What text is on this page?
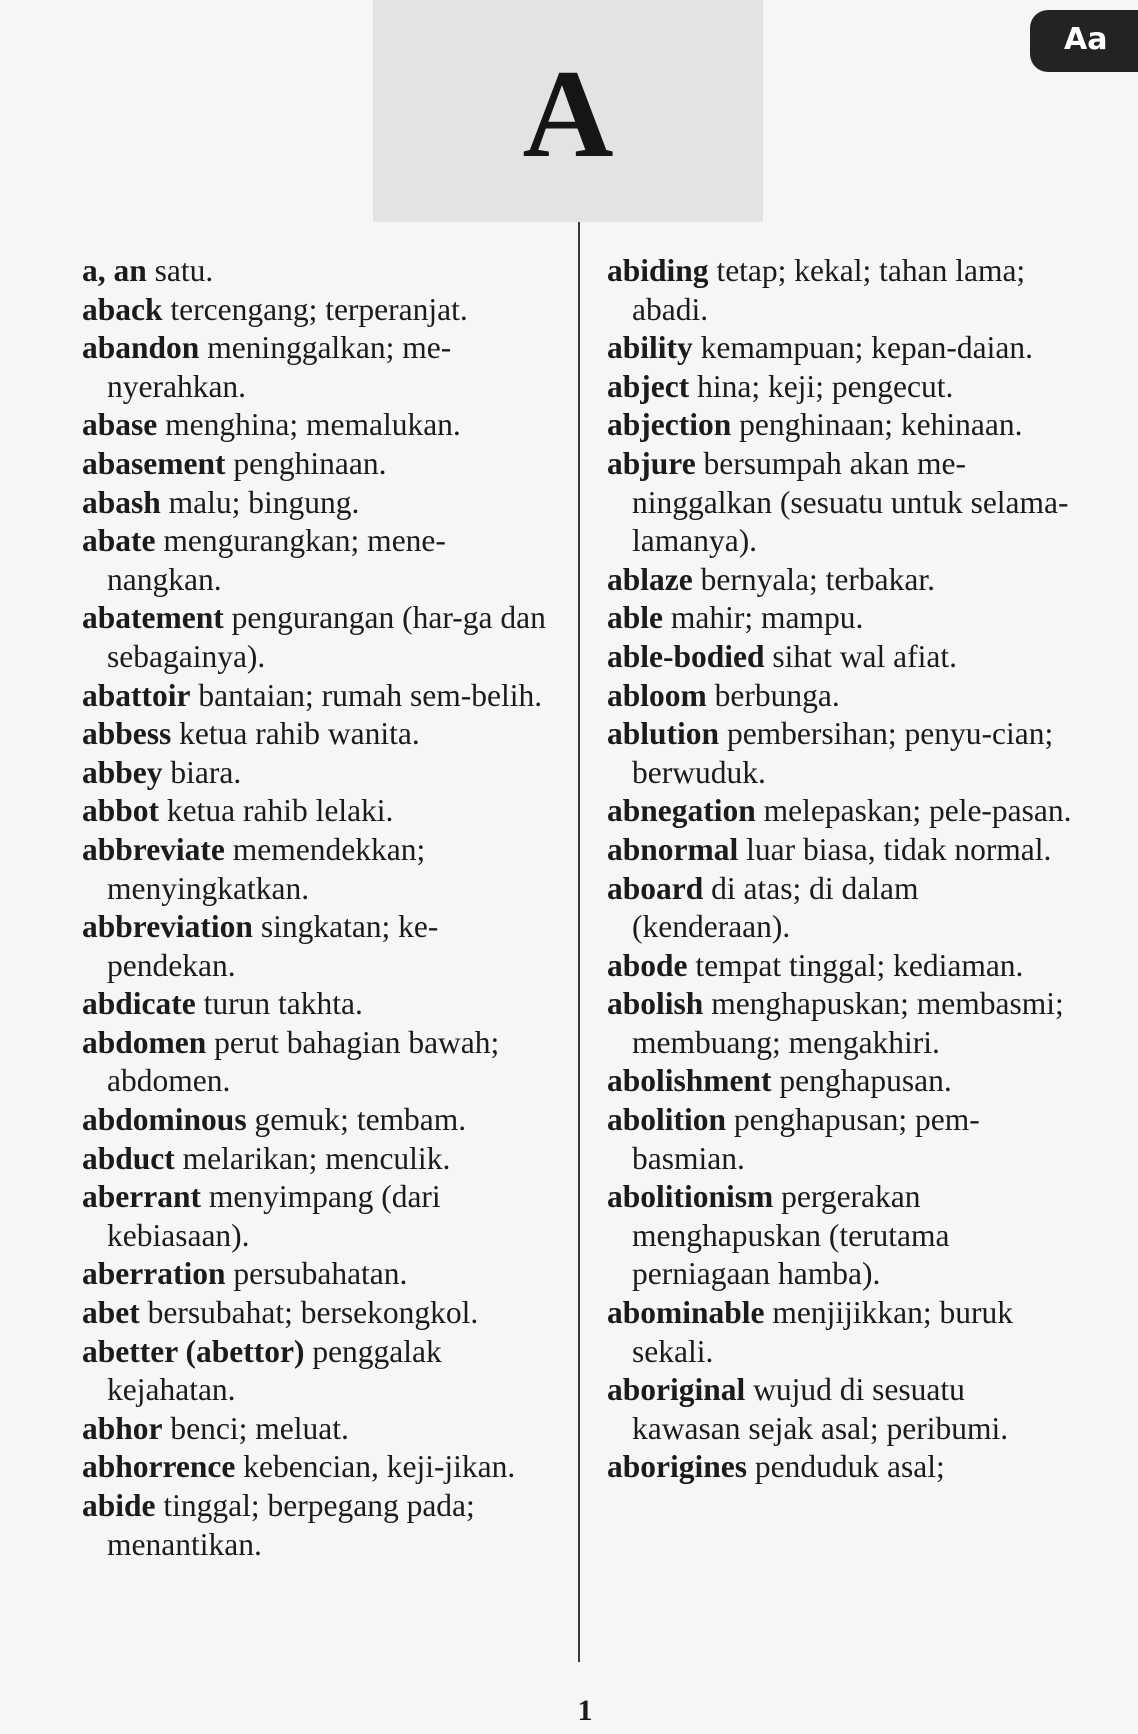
A
Aa

a, an satu.

aback tercengang; terperanjat.

abandon meninggalkan; me-nyerahkan.

abase menghina; memalukan.

abasement penghinaan.

abash malu; bingung.

abate mengurangkan; mene-nangkan.

abatement pengurangan (har-ga dan sebagainya).

abattoir bantaian; rumah sem-belih.

abbess ketua rahib wanita.

abbey biara.

abbot ketua rahib lelaki.

abbreviate memendekkan; menyingkatkan.

abbreviation singkatan; ke-pendekan.

abdicate turun takhta.

abdomen perut bahagian bawah; abdomen.

abdominous gemuk; tembam.

abduct melarikan; menculik.

aberrant menyimpang (dari kebiasaan).

aberration persubahatan.

abet bersubahat; bersekongkol.

abetter (abettor) penggalak kejahatan.

abhor benci; meluat.

abhorrence kebencian, keji-jikan.

abide tinggal; berpegang pada; menantikan.

abiding tetap; kekal; tahan lama; abadi.

ability kemampuan; kepan-daian.

abject hina; keji; pengecut.

abjection penghinaan; kehinaan.

abjure bersumpah akan me-ninggalkan (sesuatu untuk selama-lamanya).

ablaze bernyala; terbakar.

able mahir; mampu.

able-bodied sihat wal afiat.

abloom berbunga.

ablution pembersihan; penyu-cian; berwuduk.

abnegation melepaskan; pele-pasan.

abnormal luar biasa, tidak normal.

aboard di atas; di dalam (kenderaan).

abode tempat tinggal; kediaman.

abolish menghapuskan; membasmi; membuang; mengakhiri.

abolishment penghapusan.

abolition penghapusan; pem-basmian.

abolitionism pergerakan menghapuskan (terutama perniagaan hamba).

abominable menjijikkan; buruk sekali.

aboriginal wujud di sesuatu kawasan sejak asal; peribumi.

aborigines penduduk asal;

1
